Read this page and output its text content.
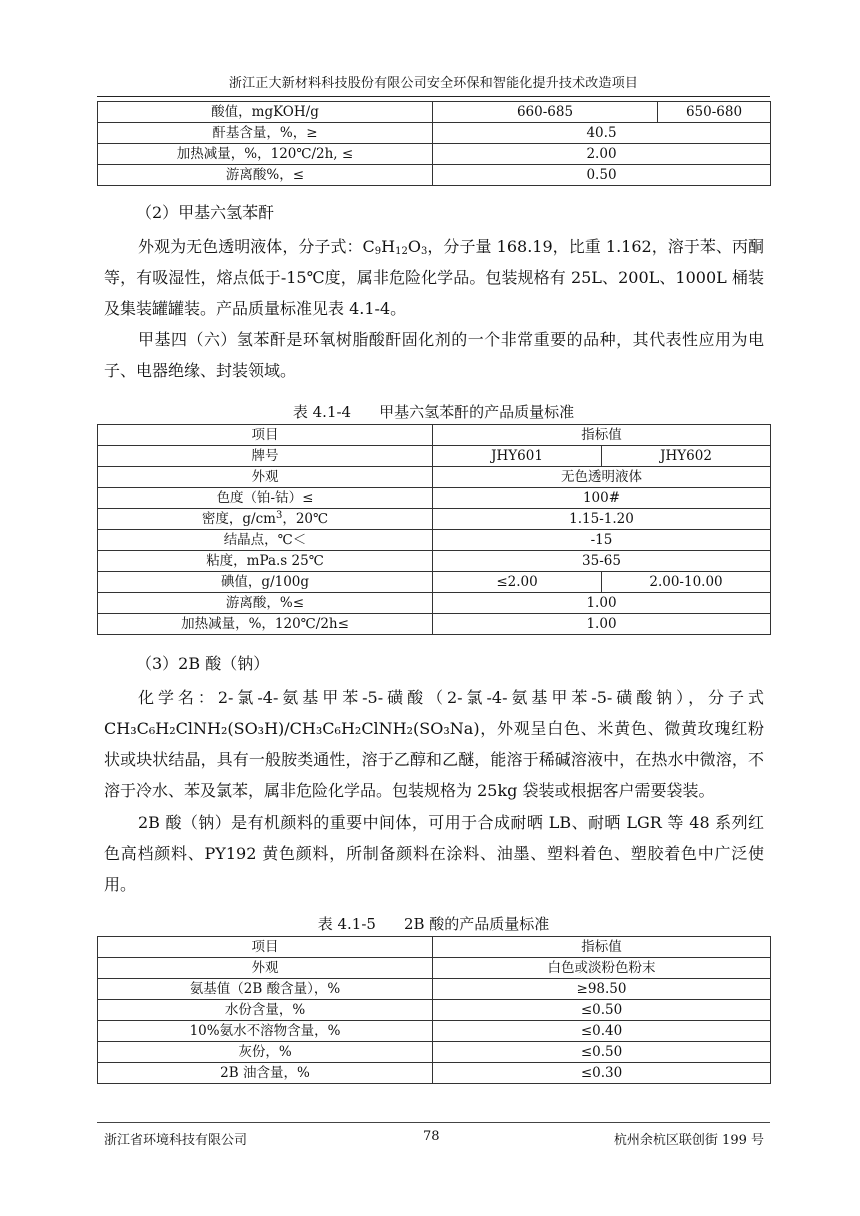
浙江正大新材料科技股份有限公司安全环保和智能化提升技术改造项目
酸值，mgKOH/g	660-685	650-680
酐基含量，%，≥	40.5	
加热减量，%，120℃/2h, ≤	2.00	
游离酸%，≤	0.50	
（2）甲基六氢苯酐
外观为无色透明液体，分子式：$C_9H_{12}O_3$，分子量 168.19，比重 1.162，溶于苯、丙酮等，有吸湿性，熔点低于-15℃度，属非危险化学品。包装规格有 25L、200L、1000L 桶装及集装罐罐装。产品质量标准见表 4.1-4。
甲基四（六）氢苯酐是环氧树脂酸酐固化剂的一个非常重要的品种，其代表性应用为电子、电器绝缘、封装领域。
表 4.1-4 甲基六氢苯酐的产品质量标准
项目	指标值	
牌号	JHY601	JHY602
外观	无色透明液体	
色度（铂-钴）≤	100#	
密度，$g/cm^3$，20℃	1.15-1.20	
结晶点，℃＜	-15	
粘度，mPa.s 25℃	35-65	
碘值，g/100g	≤2.00	2.00-10.00
游离酸，%≤	1.00	
加热减量，%，120℃/2h≤	1.00	
（3）2B 酸（钠）
化学名：2-氯-4-氨基甲苯-5-磺酸（2-氯-4-氨基甲苯-5-磺酸钠），分子式CH₃C₆H₂ClNH₂(SO₃H)/CH₃C₆H₂ClNH₂(SO₃Na)，外观呈白色、米黄色、微黄玫瑰红粉状或块状结晶，具有一般胺类通性，溶于乙醇和乙醚，能溶于稀碱溶液中，在热水中微溶，不溶于冷水、苯及氯苯，属非危险化学品。包装规格为 25kg 袋装或根据客户需要袋装。
2B 酸（钠）是有机颜料的重要中间体，可用于合成耐晒 LB、耐晒 LGR 等 48 系列红色高档颜料、PY192 黄色颜料，所制备颜料在涂料、油墨、塑料着色、塑胶着色中广泛使用。
表 4.1-5 2B 酸的产品质量标准
项目	指标值
外观	白色或淡粉色粉末
氨基值（2B 酸含量），%	≥98.50
水份含量，%	≤0.50
10%氨水不溶物含量，%	≤0.40
灰份，%	≤0.50
2B 油含量，%	≤0.30
浙江省环境科技有限公司	78	杭州余杭区联创街 199 号
